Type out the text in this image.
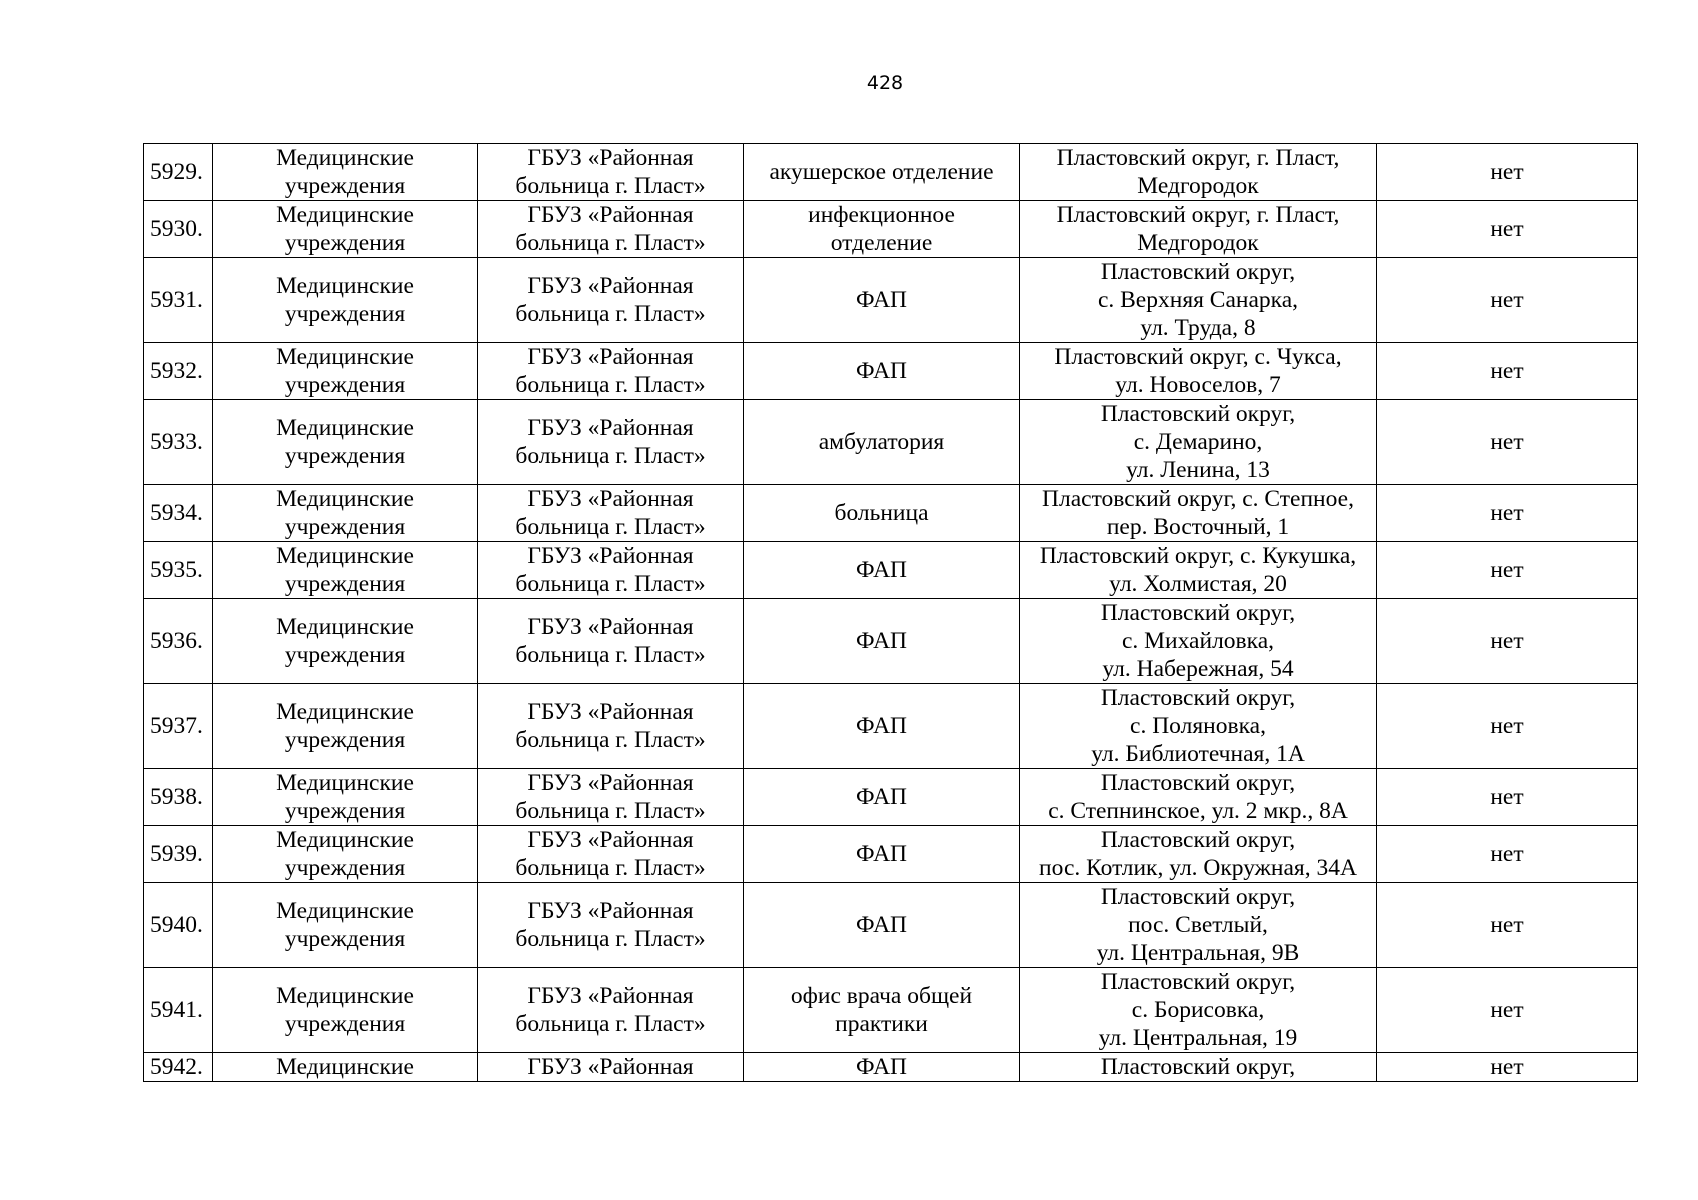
428
5929.	Медицинские
учреждения	ГБУЗ «Районная
больница г. Пласт»	акушерское отделение	Пластовский округ, г. Пласт,
Медгородок	нет
5930.	Медицинские
учреждения	ГБУЗ «Районная
больница г. Пласт»	инфекционное
отделение	Пластовский округ, г. Пласт,
Медгородок	нет
5931.	Медицинские
учреждения	ГБУЗ «Районная
больница г. Пласт»	ФАП	Пластовский округ,
с. Верхняя Санарка,
ул. Труда, 8	нет
5932.	Медицинские
учреждения	ГБУЗ «Районная
больница г. Пласт»	ФАП	Пластовский округ, с. Чукса,
ул. Новоселов, 7	нет
5933.	Медицинские
учреждения	ГБУЗ «Районная
больница г. Пласт»	амбулатория	Пластовский округ,
с. Демарино,
ул. Ленина, 13	нет
5934.	Медицинские
учреждения	ГБУЗ «Районная
больница г. Пласт»	больница	Пластовский округ, с. Степное,
пер. Восточный, 1	нет
5935.	Медицинские
учреждения	ГБУЗ «Районная
больница г. Пласт»	ФАП	Пластовский округ, с. Кукушка,
ул. Холмистая, 20	нет
5936.	Медицинские
учреждения	ГБУЗ «Районная
больница г. Пласт»	ФАП	Пластовский округ,
с. Михайловка,
ул. Набережная, 54	нет
5937.	Медицинские
учреждения	ГБУЗ «Районная
больница г. Пласт»	ФАП	Пластовский округ,
с. Поляновка,
ул. Библиотечная, 1А	нет
5938.	Медицинские
учреждения	ГБУЗ «Районная
больница г. Пласт»	ФАП	Пластовский округ,
с. Степнинское, ул. 2 мкр., 8А	нет
5939.	Медицинские
учреждения	ГБУЗ «Районная
больница г. Пласт»	ФАП	Пластовский округ,
пос. Котлик, ул. Окружная, 34А	нет
5940.	Медицинские
учреждения	ГБУЗ «Районная
больница г. Пласт»	ФАП	Пластовский округ,
пос. Светлый,
ул. Центральная, 9В	нет
5941.	Медицинские
учреждения	ГБУЗ «Районная
больница г. Пласт»	офис врача общей
практики	Пластовский округ,
с. Борисовка,
ул. Центральная, 19	нет
5942.	Медицинские	ГБУЗ «Районная	ФАП	Пластовский округ,	нет
